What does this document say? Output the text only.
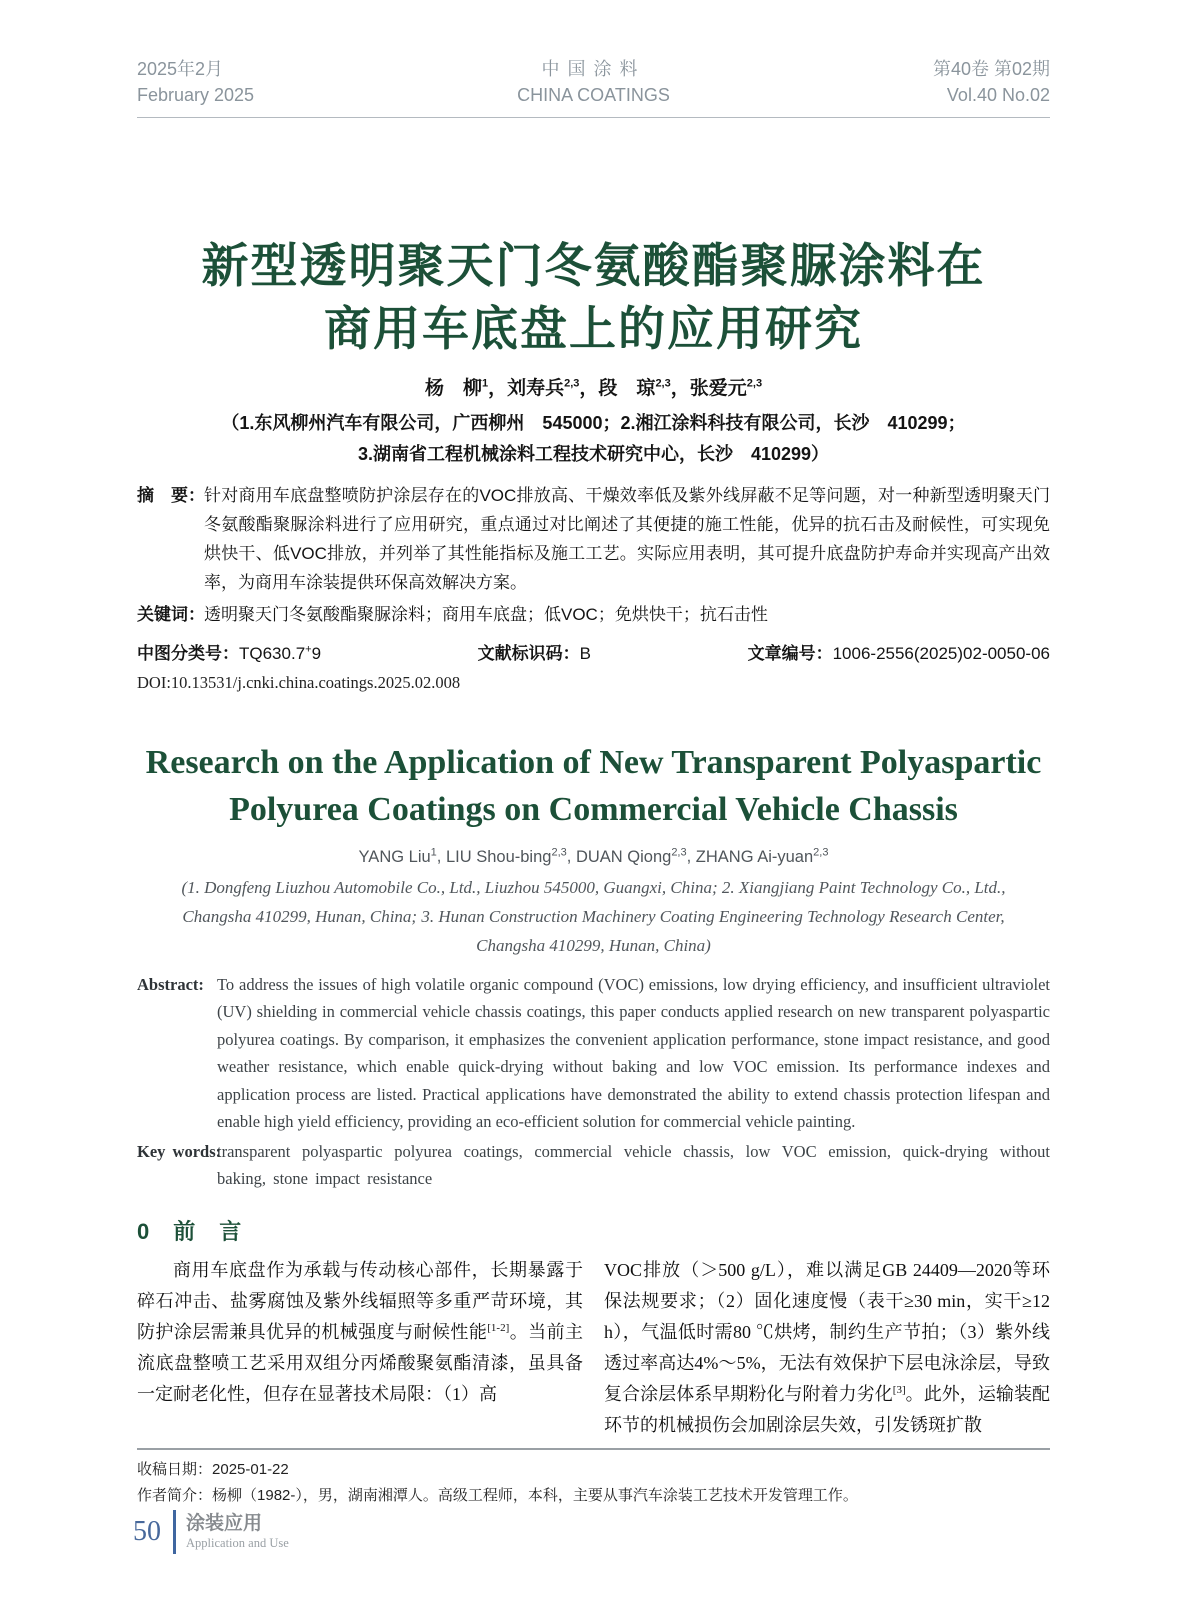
2025年2月
February 2025
中国涂料
CHINA COATINGS
第40卷 第02期
Vol.40 No.02
新型透明聚天门冬氨酸酯聚脲涂料在
商用车底盘上的应用研究
杨　柳$^1$，刘寿兵$^{2,3}$，段　琼$^{2,3}$，张爱元$^{2,3}$
（1.东风柳州汽车有限公司，广西柳州　545000；2.湘江涂料科技有限公司，长沙　410299；
3.湖南省工程机械涂料工程技术研究中心，长沙　410299）
摘　要： 针对商用车底盘整喷防护涂层存在的VOC排放高、干燥效率低及紫外线屏蔽不足等问题，对一种新型透明聚天门冬氨酸酯聚脲涂料进行了应用研究，重点通过对比阐述了其便捷的施工性能，优异的抗石击及耐候性，可实现免烘快干、低VOC排放，并列举了其性能指标及施工工艺。实际应用表明，其可提升底盘防护寿命并实现高产出效率，为商用车涂装提供环保高效解决方案。
关键词： 透明聚天门冬氨酸酯聚脲涂料；商用车底盘；低VOC；免烘快干；抗石击性
中图分类号：TQ630.7+9	文献标识码：B	文章编号：1006-2556(2025)02-0050-06
DOI:10.13531/j.cnki.china.coatings.2025.02.008
Research on the Application of New Transparent Polyaspartic
Polyurea Coatings on Commercial Vehicle Chassis
YANG Liu$^1$, LIU Shou-bing$^{2,3}$, DUAN Qiong$^{2,3}$, ZHANG Ai-yuan$^{2,3}$
(1. Dongfeng Liuzhou Automobile Co., Ltd., Liuzhou 545000, Guangxi, China; 2. Xiangjiang Paint Technology Co., Ltd.,
Changsha 410299, Hunan, China; 3. Hunan Construction Machinery Coating Engineering Technology Research Center,
Changsha 410299, Hunan, China)
Abstract: To address the issues of high volatile organic compound (VOC) emissions, low drying efficiency, and insufficient ultraviolet (UV) shielding in commercial vehicle chassis coatings, this paper conducts applied research on new transparent polyaspartic polyurea coatings. By comparison, it emphasizes the convenient application performance, stone impact resistance, and good weather resistance, which enable quick-drying without baking and low VOC emission. Its performance indexes and application process are listed. Practical applications have demonstrated the ability to extend chassis protection lifespan and enable high yield efficiency, providing an eco-efficient solution for commercial vehicle painting.
Key words:
transparent polyaspartic polyurea coatings, commercial vehicle chassis, low VOC emission, quick-drying without baking, stone impact resistance
0　前　言

商用车底盘作为承载与传动核心部件，长期暴露于碎石冲击、盐雾腐蚀及紫外线辐照等多重严苛环境，其防护涂层需兼具优异的机械强度与耐候性能[1-2]。当前主流底盘整喷工艺采用双组分丙烯酸聚氨酯清漆，虽具备一定耐老化性，但存在显著技术局限：（1）高

VOC排放（＞500 g/L），难以满足GB 24409—2020等环保法规要求；（2）固化速度慢（表干≥30 min，实干≥12 h），气温低时需80 ℃烘烤，制约生产节拍；（3）紫外线透过率高达4%～5%，无法有效保护下层电泳涂层，导致复合涂层体系早期粉化与附着力劣化[3]。此外，运输装配环节的机械损伤会加剧涂层失效，引发锈斑扩散

收稿日期：2025-01-22
作者简介：杨柳（1982-），男，湖南湘潭人。高级工程师，本科，主要从事汽车涂装工艺技术开发管理工作。
50 涂装应用
Application and Use
